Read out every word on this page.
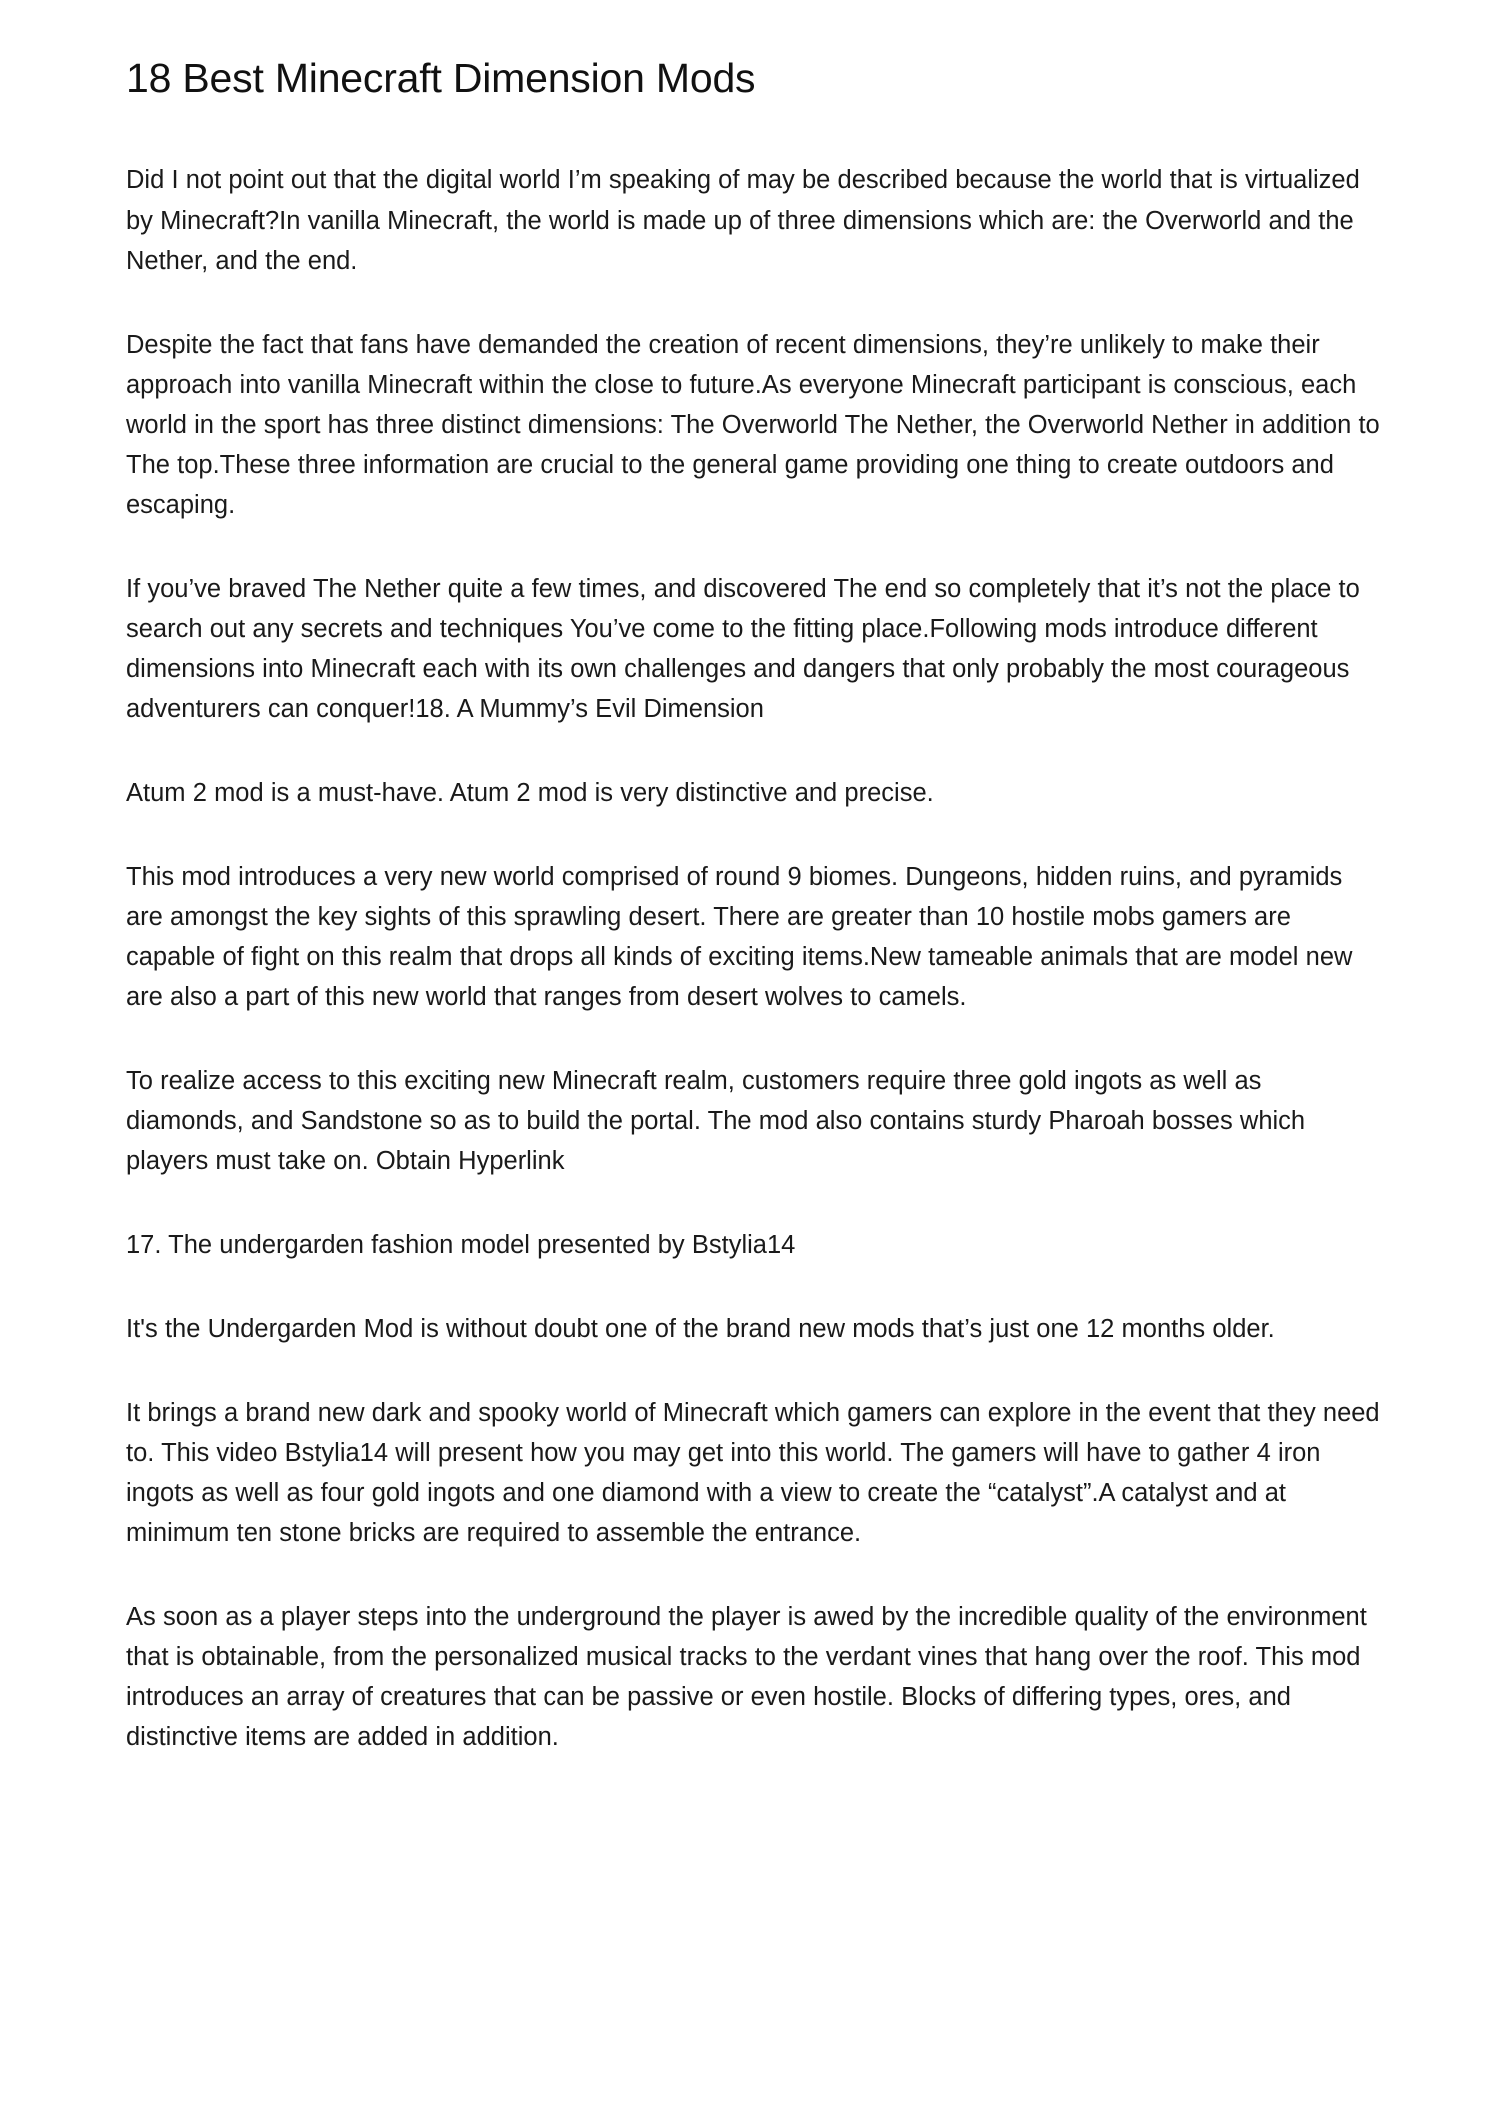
18 Best Minecraft Dimension Mods

Did I not point out that the digital world I’m speaking of may be described because the world that is virtualized by Minecraft?In vanilla Minecraft, the world is made up of three dimensions which are: the Overworld and the Nether, and the end.

Despite the fact that fans have demanded the creation of recent dimensions, they’re unlikely to make their approach into vanilla Minecraft within the close to future.As everyone Minecraft participant is conscious, each world in the sport has three distinct dimensions: The Overworld The Nether, the Overworld Nether in addition to The top.These three information are crucial to the general game providing one thing to create outdoors and escaping.

If you’ve braved The Nether quite a few times, and discovered The end so completely that it’s not the place to search out any secrets and techniques You’ve come to the fitting place.Following mods introduce different dimensions into Minecraft each with its own challenges and dangers that only probably the most courageous adventurers can conquer!18. A Mummy’s Evil Dimension

Atum 2 mod is a must-have. Atum 2 mod is very distinctive and precise.

This mod introduces a very new world comprised of round 9 biomes. Dungeons, hidden ruins, and pyramids are amongst the key sights of this sprawling desert. There are greater than 10 hostile mobs gamers are capable of fight on this realm that drops all kinds of exciting items.New tameable animals that are model new are also a part of this new world that ranges from desert wolves to camels.

To realize access to this exciting new Minecraft realm, customers require three gold ingots as well as diamonds, and Sandstone so as to build the portal. The mod also contains sturdy Pharoah bosses which players must take on. Obtain Hyperlink

17. The undergarden fashion model presented by Bstylia14

It's the Undergarden Mod is without doubt one of the brand new mods that’s just one 12 months older.

It brings a brand new dark and spooky world of Minecraft which gamers can explore in the event that they need to. This video Bstylia14 will present how you may get into this world. The gamers will have to gather 4 iron ingots as well as four gold ingots and one diamond with a view to create the “catalyst”.A catalyst and at minimum ten stone bricks are required to assemble the entrance.

As soon as a player steps into the underground the player is awed by the incredible quality of the environment that is obtainable, from the personalized musical tracks to the verdant vines that hang over the roof. This mod introduces an array of creatures that can be passive or even hostile. Blocks of differing types, ores, and distinctive items are added in addition.
